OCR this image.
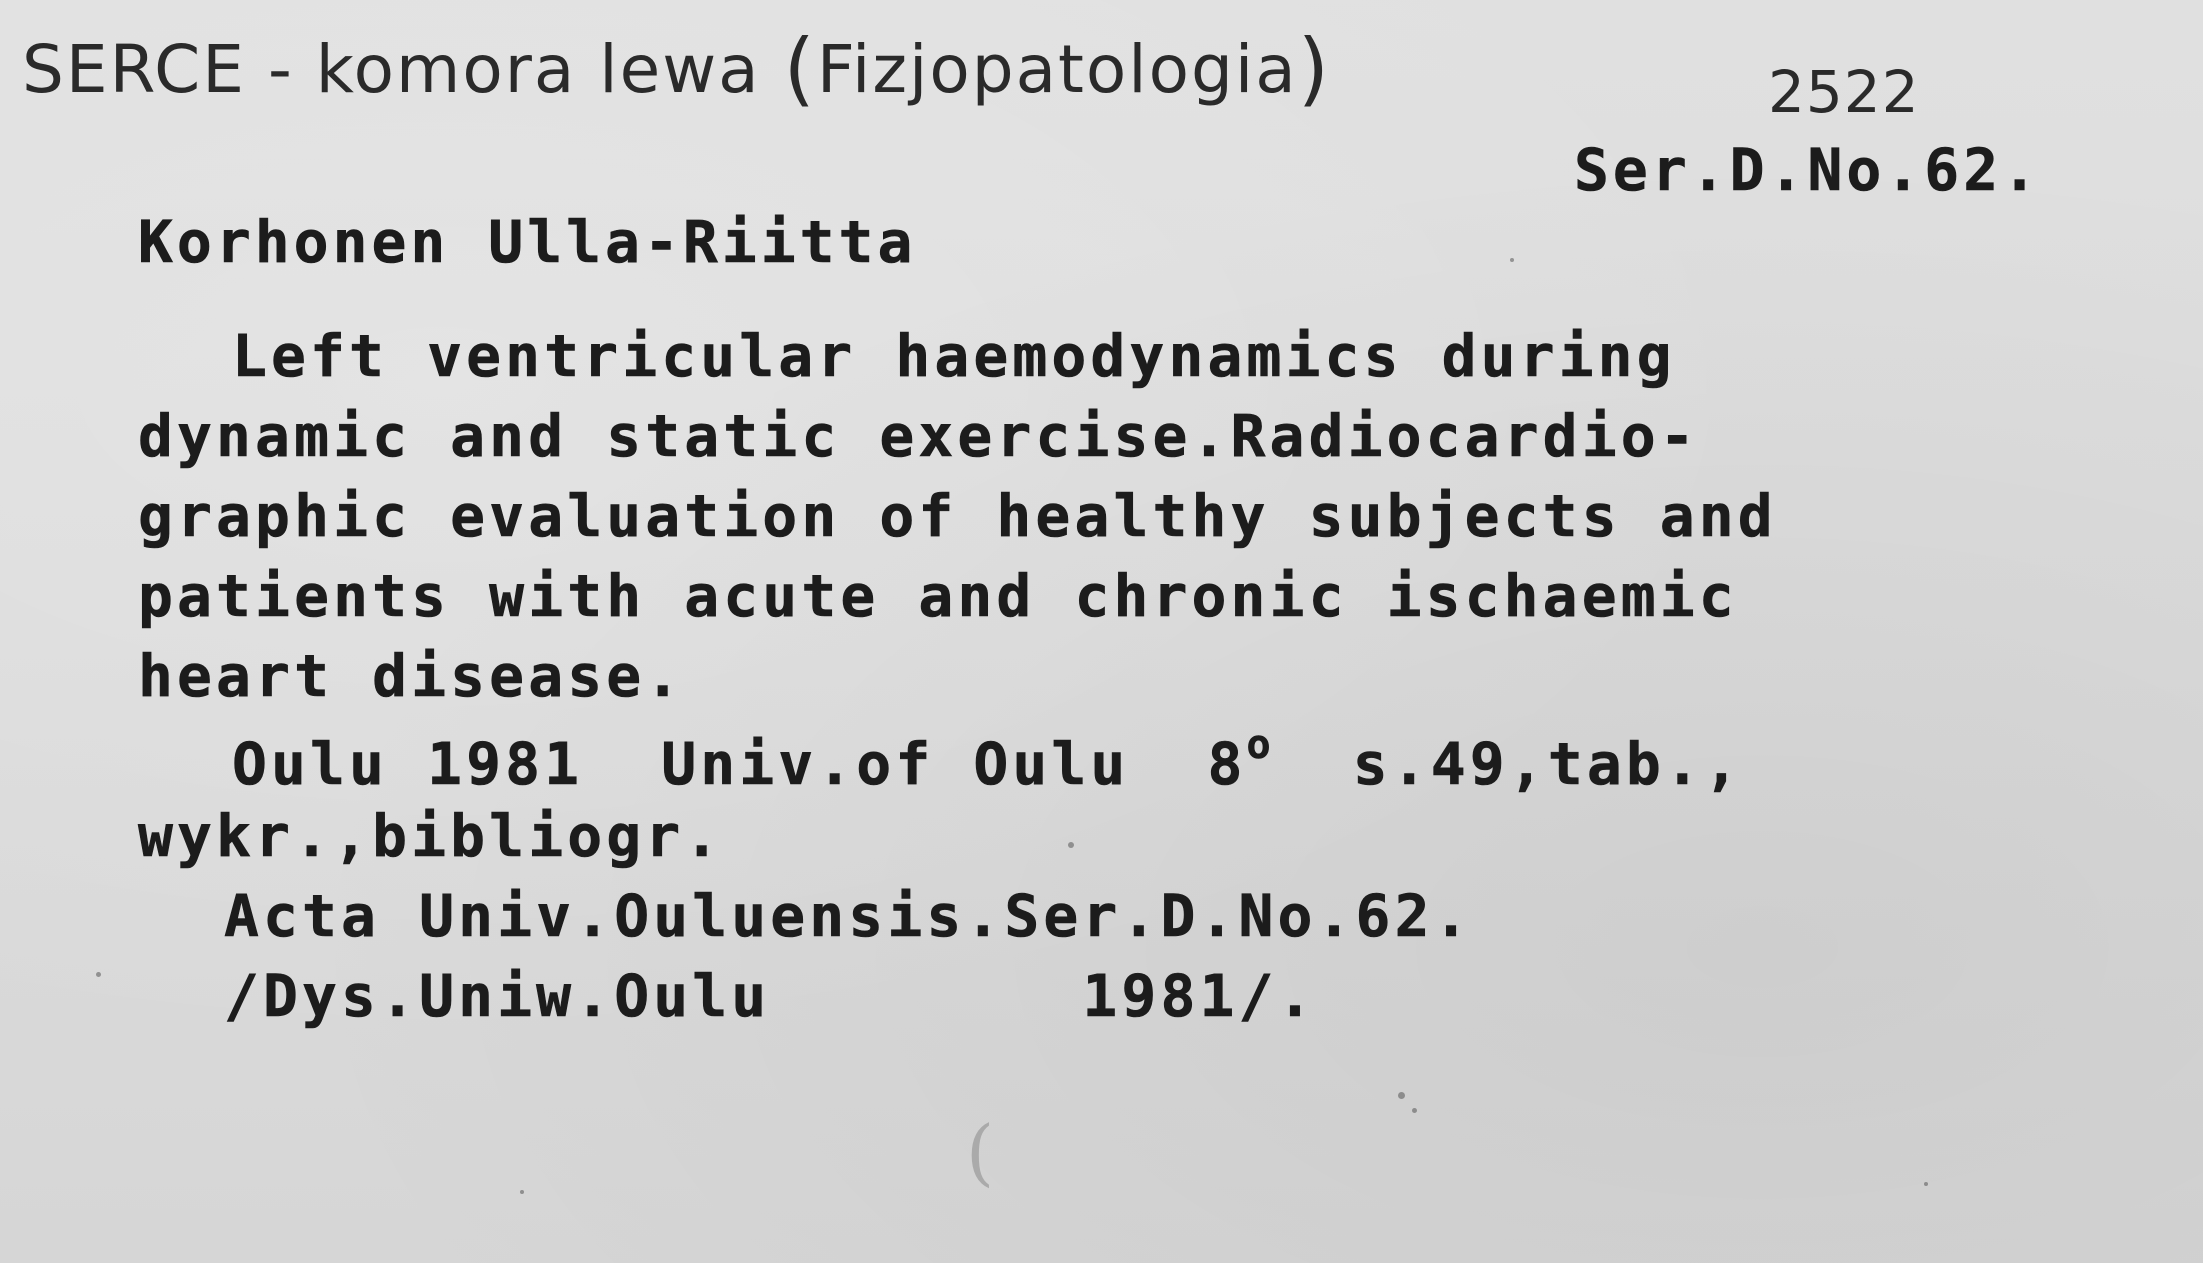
SERCE - komora lewa (Fizjopatologia)	2522
Ser.D.No.62.
Korhonen Ulla-Riitta
Left ventricular haemodynamics during
dynamic and static exercise.Radiocardio-
graphic evaluation of healthy subjects and
patients with acute and chronic ischaemic
heart disease.
Oulu 1981  Univ.of Oulu  8$^o$  s.49,tab.,
wykr.,bibliogr.
Acta Univ.Ouluensis.Ser.D.No.62.
/Dys.Uniw.Oulu        1981/.
(
